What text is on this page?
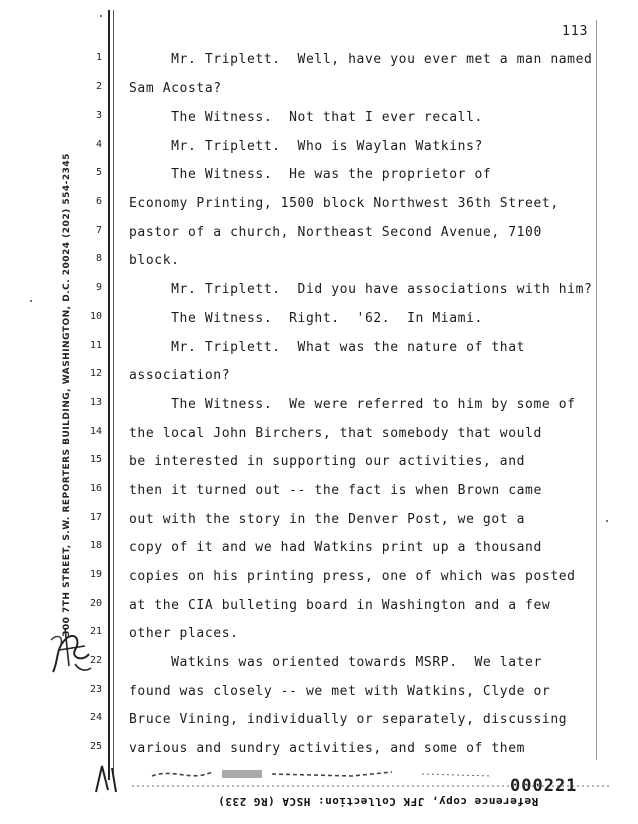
113
300 7TH STREET, S.W. REPORTERS BUILDING, WASHINGTON, D.C. 20024 (202) 554-2345
1
2
3
4
5
6
7
8
9
10
11
12
13
14
15
16
17
18
19
20
21
22
23
24
25
Mr. Triplett.  Well, have you ever met a man named
Sam Acosta?
The Witness.  Not that I ever recall.
Mr. Triplett.  Who is Waylan Watkins?
The Witness.  He was the proprietor of
Economy Printing, 1500 block Northwest 36th Street,
pastor of a church, Northeast Second Avenue, 7100
block.
Mr. Triplett.  Did you have associations with him?
The Witness.  Right.  '62.  In Miami.
Mr. Triplett.  What was the nature of that
association?
The Witness.  We were referred to him by some of
the local John Birchers, that somebody that would
be interested in supporting our activities, and
then it turned out -- the fact is when Brown came
out with the story in the Denver Post, we got a
copy of it and we had Watkins print up a thousand
copies on his printing press, one of which was posted
at the CIA bulleting board in Washington and a few
other places.
Watkins was oriented towards MSRP.  We later
found was closely -- we met with Watkins, Clyde or
Bruce Vining, individually or separately, discussing
various and sundry activities, and some of them
000221
Reference copy, JFK Collection: HSCA (RG 233)
